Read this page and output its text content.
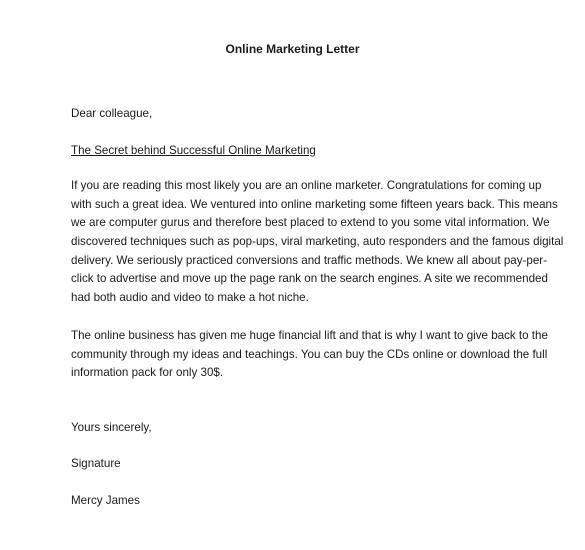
Online Marketing Letter

Dear colleague,

The Secret behind Successful Online Marketing

If you are reading this most likely you are an online marketer. Congratulations for coming up
with such a great idea. We ventured into online marketing some fifteen years back. This means
we are computer gurus and therefore best placed to extend to you some vital information. We
discovered techniques such as pop-ups, viral marketing, auto responders and the famous digital
delivery. We seriously practiced conversions and traffic methods. We knew all about pay-per-
click to advertise and move up the page rank on the search engines. A site we recommended
had both audio and video to make a hot niche.
The online business has given me huge financial lift and that is why I want to give back to the
community through my ideas and teachings. You can buy the CDs online or download the full
information pack for only 30$.

Yours sincerely,

Signature

Mercy James
